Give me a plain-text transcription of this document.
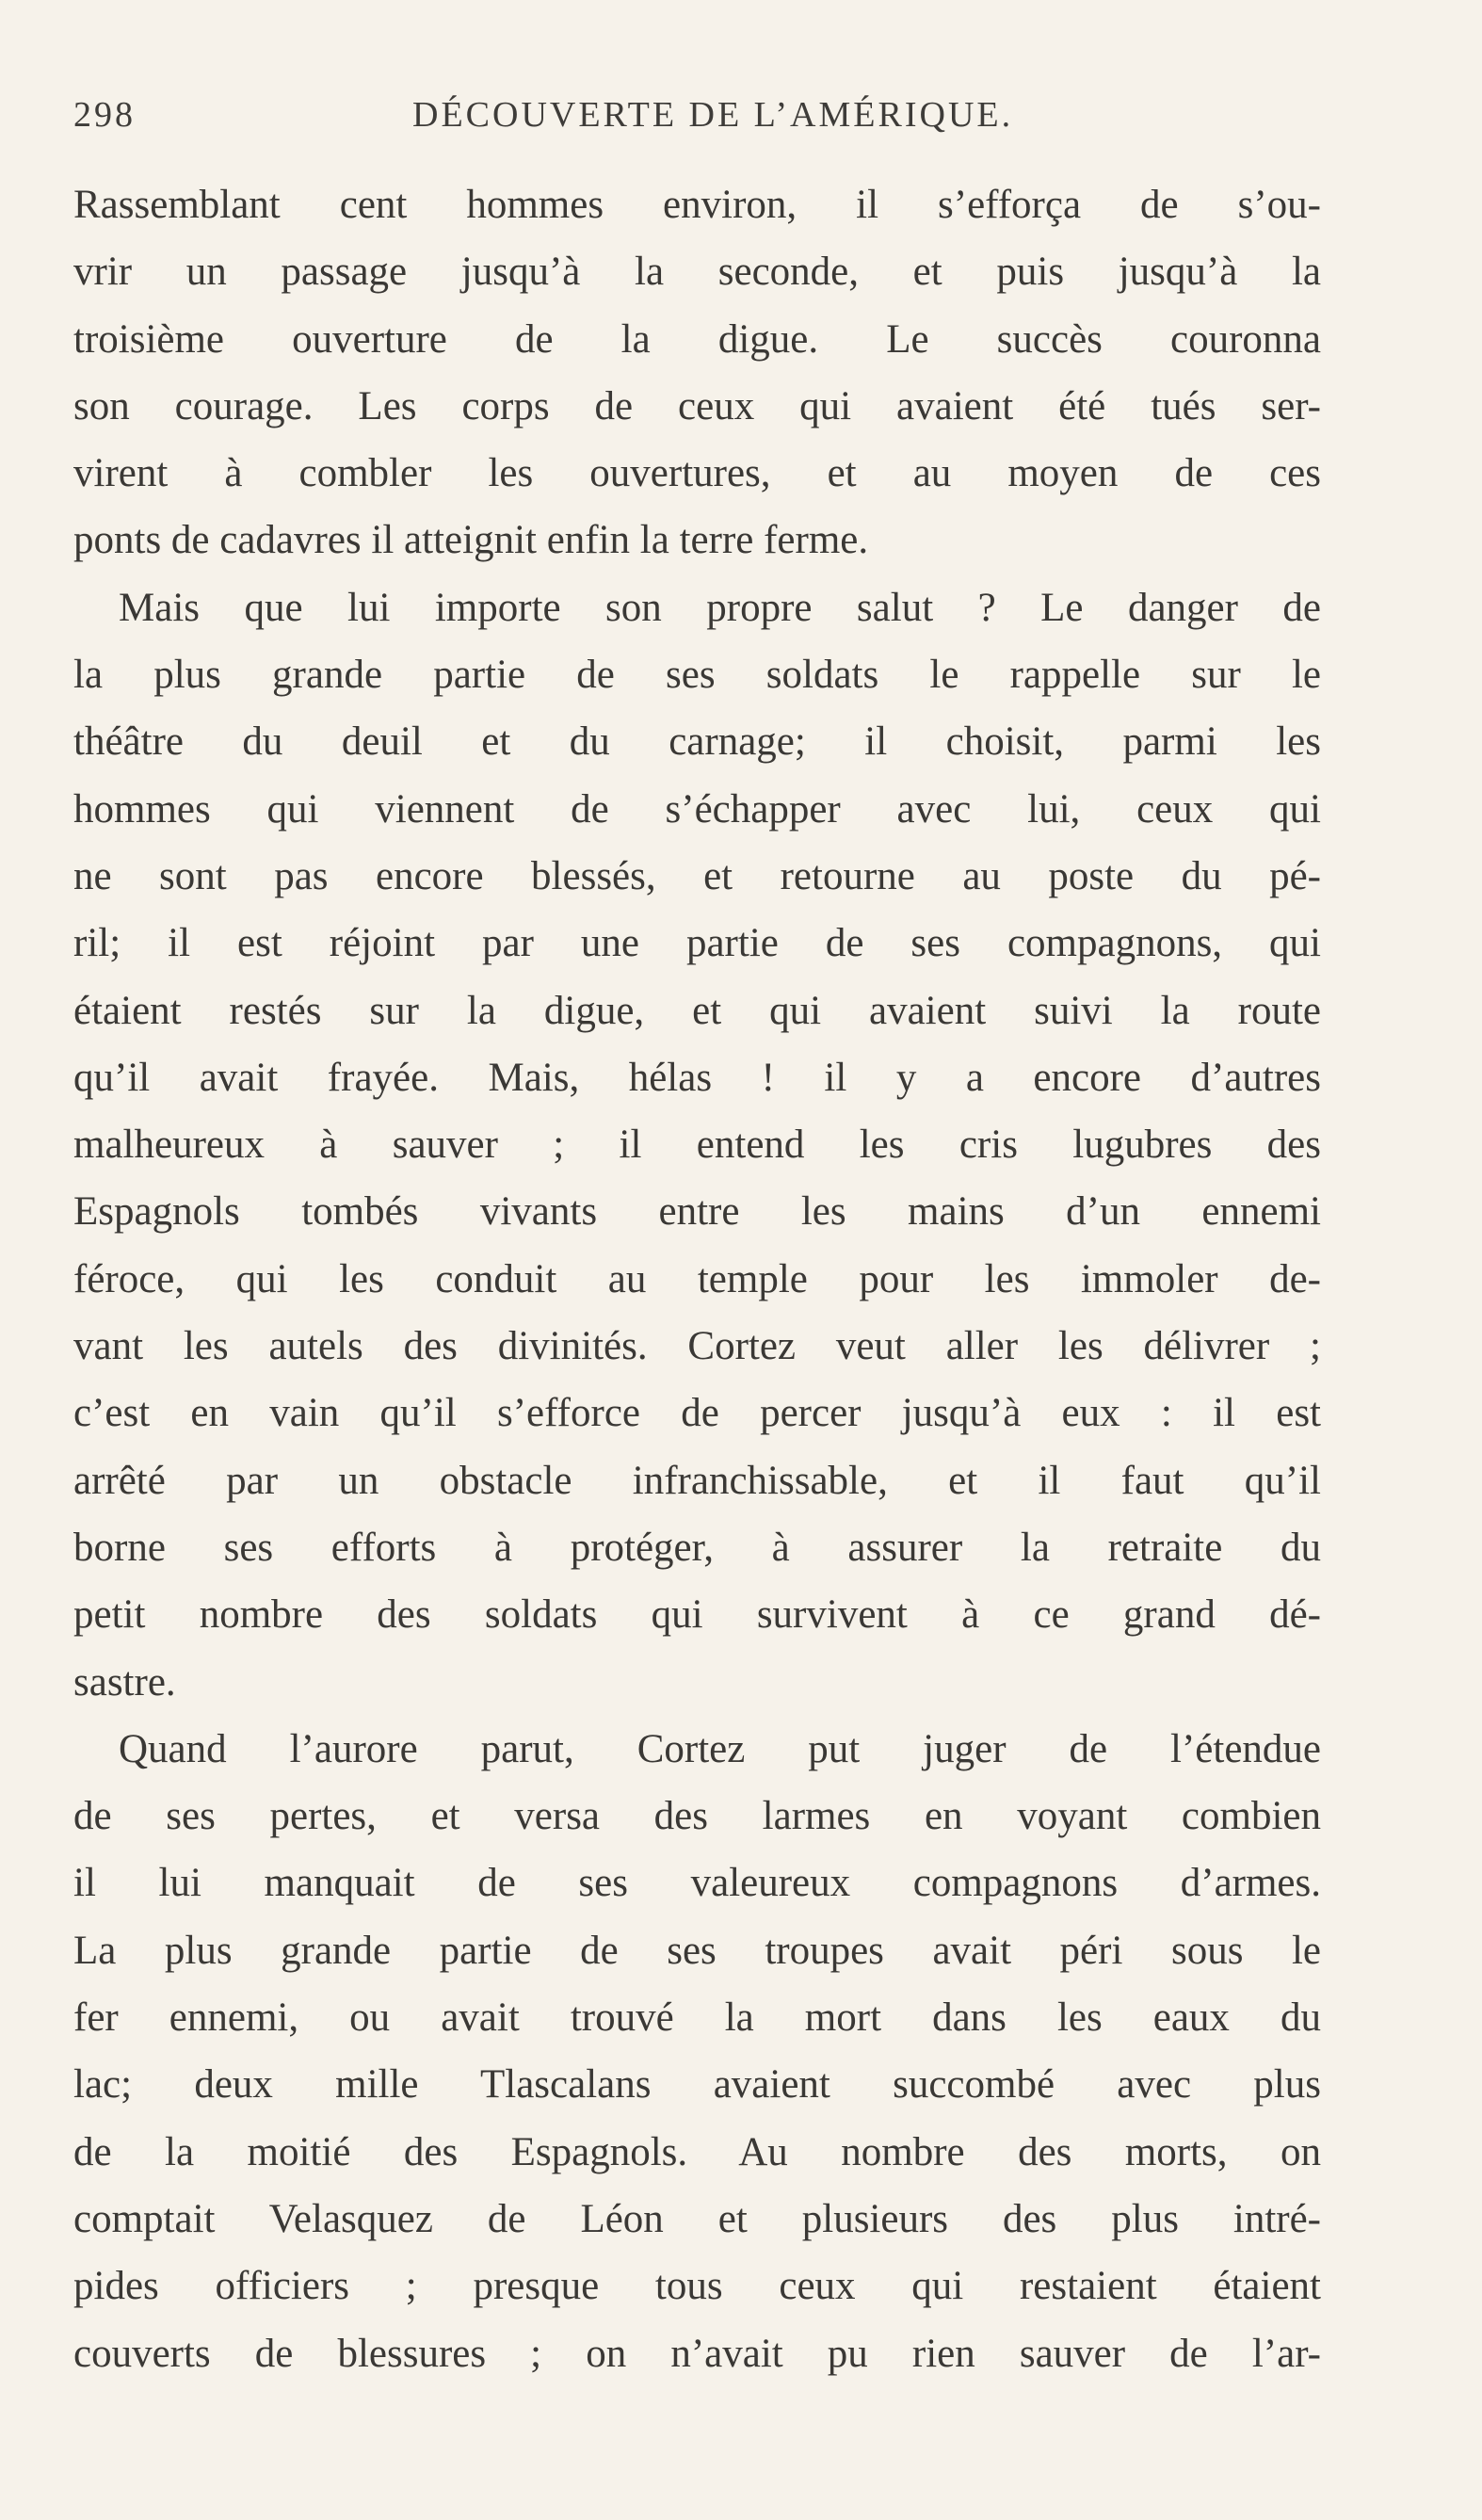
298	DÉCOUVERTE DE L’AMÉRIQUE.
Rassemblant cent hommes environ, il s’efforça de s’ou-
vrir un passage jusqu’à la seconde, et puis jusqu’à la
troisième ouverture de la digue. Le succès couronna
son courage. Les corps de ceux qui avaient été tués ser-
virent à combler les ouvertures, et au moyen de ces
ponts de cadavres il atteignit enfin la terre ferme.
Mais que lui importe son propre salut ? Le danger de
la plus grande partie de ses soldats le rappelle sur le
théâtre du deuil et du carnage; il choisit, parmi les
hommes qui viennent de s’échapper avec lui, ceux qui
ne sont pas encore blessés, et retourne au poste du pé-
ril; il est réjoint par une partie de ses compagnons, qui
étaient restés sur la digue, et qui avaient suivi la route
qu’il avait frayée. Mais, hélas ! il y a encore d’autres
malheureux à sauver ; il entend les cris lugubres des
Espagnols tombés vivants entre les mains d’un ennemi
féroce, qui les conduit au temple pour les immoler de-
vant les autels des divinités. Cortez veut aller les délivrer ;
c’est en vain qu’il s’efforce de percer jusqu’à eux : il est
arrêté par un obstacle infranchissable, et il faut qu’il
borne ses efforts à protéger, à assurer la retraite du
petit nombre des soldats qui survivent à ce grand dé-
sastre.
Quand l’aurore parut, Cortez put juger de l’étendue
de ses pertes, et versa des larmes en voyant combien
il lui manquait de ses valeureux compagnons d’armes.
La plus grande partie de ses troupes avait péri sous le
fer ennemi, ou avait trouvé la mort dans les eaux du
lac; deux mille Tlascalans avaient succombé avec plus
de la moitié des Espagnols. Au nombre des morts, on
comptait Velasquez de Léon et plusieurs des plus intré-
pides officiers ; presque tous ceux qui restaient étaient
couverts de blessures ; on n’avait pu rien sauver de l’ar-
